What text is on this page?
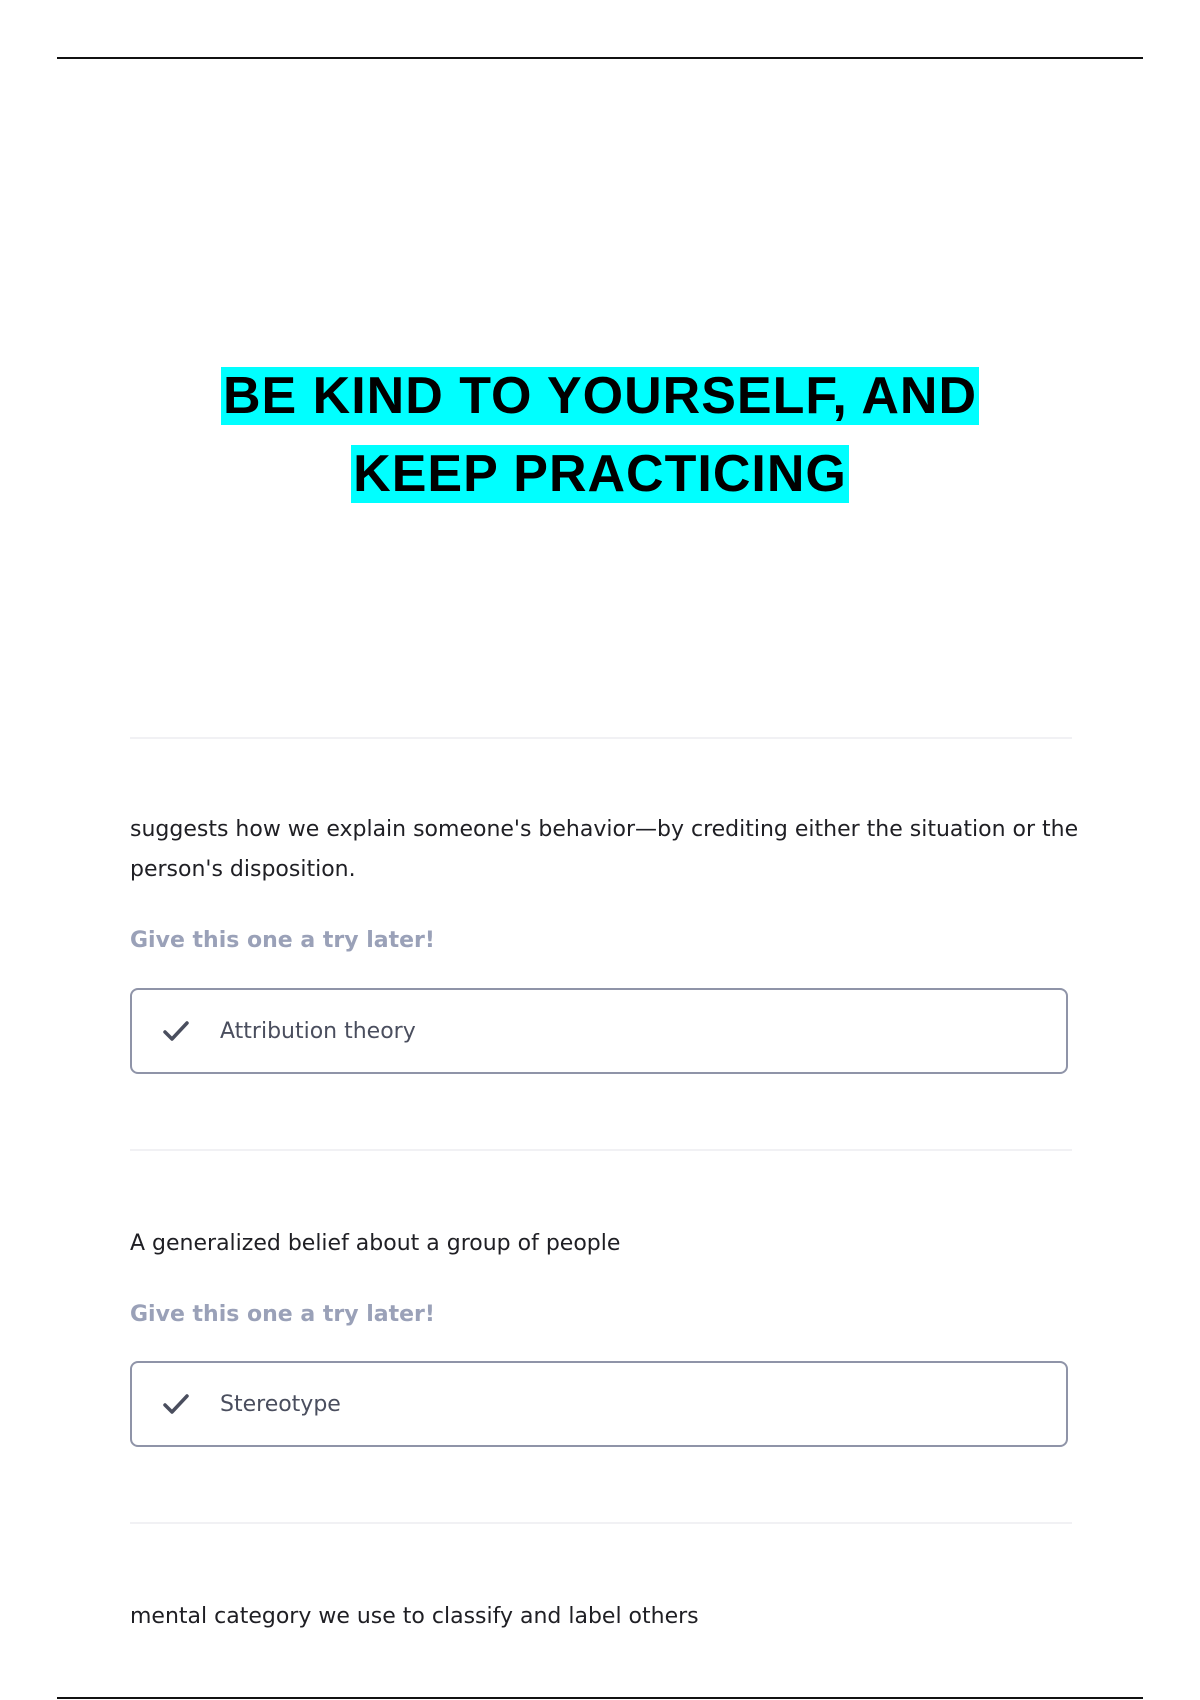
BE KIND TO YOURSELF, AND
KEEP PRACTICING
suggests how we explain someone's behavior—by crediting either the situation or the person's disposition.
Give this one a try later!
Attribution theory
A generalized belief about a group of people
Give this one a try later!
Stereotype
mental category we use to classify and label others
